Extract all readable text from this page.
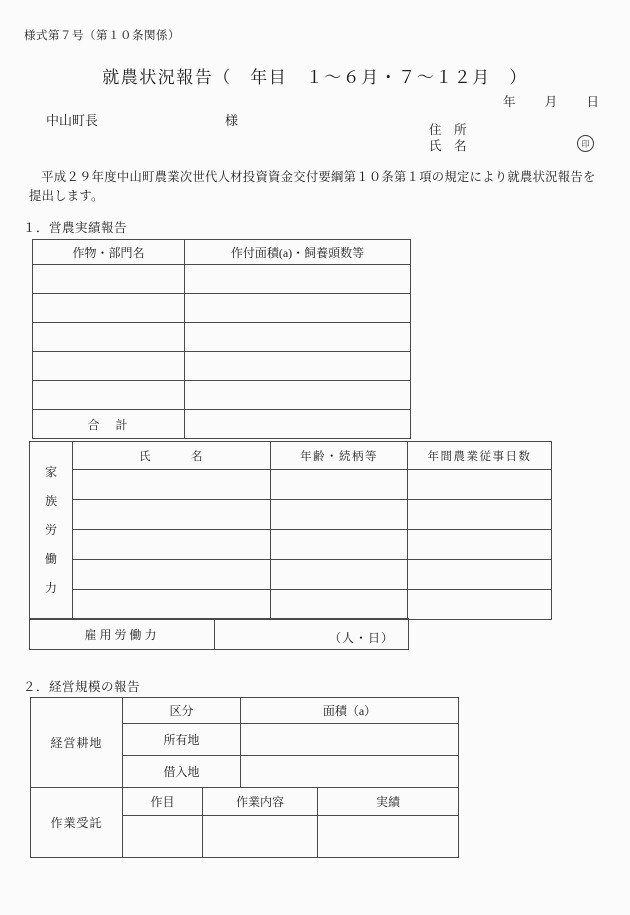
様式第７号（第１０条関係）
就農状況報告（　年目　１～６月・７～１２月　）
年 月 日
中山町長	様
住　所
氏　名	印

平成２９年度中山町農業次世代人材投資資金交付要綱第１０条第１項の規定により就農状況報告を
提出します。

１．営農実績報告
作物・部門名	作付面積(a)・飼養頭数等

合　計	
家族労働力	氏　　　名	年齢・続柄等	年間農業従事日数

雇用労働力	（人・日）
２．経営規模の報告
経営耕地	区分	面積（a）
	所有地	
	借入地	
作業受託	作目	作業内容	実績
